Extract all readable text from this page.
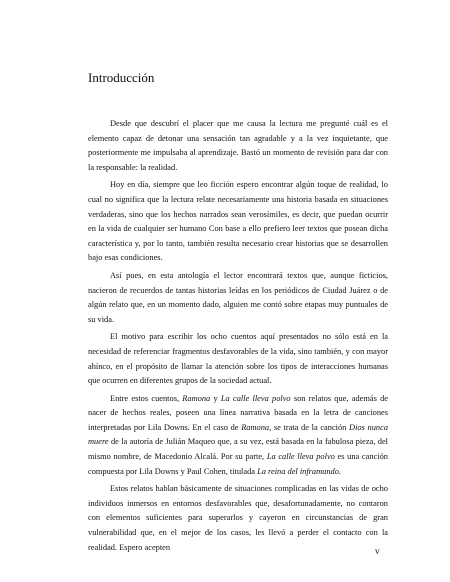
Introducción

Desde que descubrí el placer que me causa la lectura me pregunté cuál es el elemento capaz de detonar una sensación tan agradable y a la vez inquietante, que posteriormente me impulsaba al aprendizaje. Bastó un momento de revisión para dar con la responsable: la realidad.

Hoy en día, siempre que leo ficción espero encontrar algún toque de realidad, lo cual no significa que la lectura relate necesariamente una historia basada en situaciones verdaderas, sino que los hechos narrados sean verosímiles, es decir, que puedan ocurrir en la vida de cualquier ser humano Con base a ello prefiero leer textos que posean dicha característica y, por lo tanto, también resulta necesario crear historias que se desarrollen bajo esas condiciones.

Así pues, en esta antología el lector encontrará textos que, aunque ficticios, nacieron de recuerdos de tantas historias leídas en los periódicos de Ciudad Juárez o de algún relato que, en un momento dado, alguien me contó sobre etapas muy puntuales de su vida.

El motivo para escribir los ocho cuentos aquí presentados no sólo está en la necesidad de referenciar fragmentos desfavorables de la vida, sino también, y con mayor ahínco, en el propósito de llamar la atención sobre los tipos de interacciones humanas que ocurren en diferentes grupos de la sociedad actual.

Entre estos cuentos, Ramona y La calle lleva polvo son relatos que, además de nacer de hechos reales, poseen una línea narrativa basada en la letra de canciones interpretadas por Lila Downs. En el caso de Ramona, se trata de la canción Dios nunca muere de la autoría de Julián Maqueo que, a su vez, está basada en la fabulosa pieza, del mismo nombre, de Macedonio Alcalá. Por su parte, La calle lleva polvo es una canción compuesta por Lila Downs y Paul Cohen, titulada La reina del inframundo.

Estos relatos hablan básicamente de situaciones complicadas en las vidas de ocho individuos inmersos en entornos desfavorables que, desafortunadamente, no contaron con elementos suficientes para superarlos y cayeron en circunstancias de gran vulnerabilidad que, en el mejor de los casos, les llevó a perder el contacto con la realidad. Espero acepten	v
